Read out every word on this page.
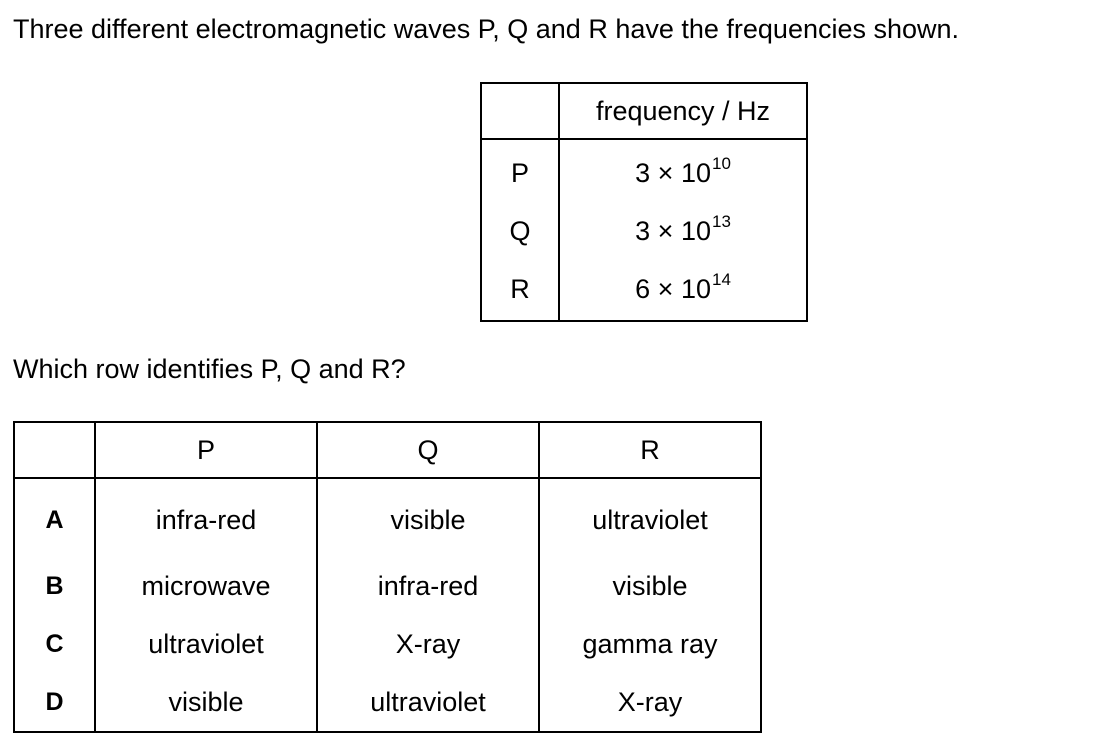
Three different electromagnetic waves P, Q and R have the frequencies shown.
	frequency / Hz
P	$3 \times 10^{10}$
Q	$3 \times 10^{13}$
R	$6 \times 10^{14}$
Which row identifies P, Q and R?
	P	Q	R
A	infra-red	visible	ultraviolet
B	microwave	infra-red	visible
C	ultraviolet	X-ray	gamma ray
D	visible	ultraviolet	X-ray
